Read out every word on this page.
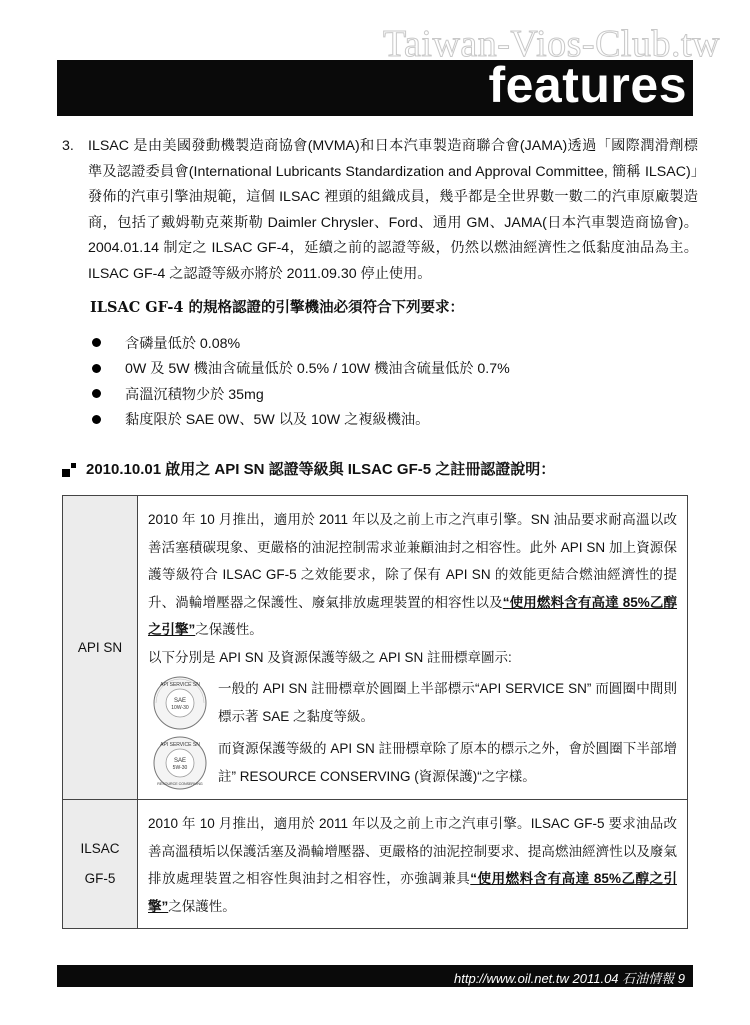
Taiwan-Vios-Club.tw
features
3. ILSAC 是由美國發動機製造商協會(MVMA)和日本汽車製造商聯合會(JAMA)透過「國際潤滑劑標準及認證委員會(International Lubricants Standardization and Approval Committee, 簡稱 ILSAC)」發佈的汽車引擎油規範，這個 ILSAC 裡頭的組織成員，幾乎都是全世界數一數二的汽車原廠製造商，包括了戴姆勒克萊斯勒 Daimler Chrysler、Ford、通用 GM、JAMA(日本汽車製造商協會)。2004.01.14 制定之 ILSAC GF-4，延續之前的認證等級，仍然以燃油經濟性之低黏度油品為主。ILSAC GF-4 之認證等級亦將於 2011.09.30 停止使用。
ILSAC GF-4 的規格認證的引擎機油必須符合下列要求：
含磷量低於 0.08%
0W 及 5W 機油含硫量低於 0.5% / 10W 機油含硫量低於 0.7%
高溫沉積物少於 35mg
黏度限於 SAE 0W、5W 以及 10W 之複級機油。
2010.10.01 啟用之 API SN 認證等級與 ILSAC GF-5 之註冊認證說明：
API SN
2010 年 10 月推出，適用於 2011 年以及之前上市之汽車引擎。SN 油品要求耐高溫以改善活塞積碳現象、更嚴格的油泥控制需求並兼顧油封之相容性。此外 API SN 加上資源保護等級符合 ILSAC GF-5 之效能要求，除了保有 API SN 的效能更結合燃油經濟性的提升、渦輪增壓器之保護性、廢氣排放處理裝置的相容性以及“使用燃料含有高達 85%乙醇之引擎”之保護性。
以下分別是 API SN 及資源保護等級之 API SN 註冊標章圖示:
API SERVICE SN
SAE
10W-30
一般的 API SN 註冊標章於圓圈上半部標示“API SERVICE SN” 而圓圈中間則標示著 SAE 之黏度等級。
API SERVICE SN
SAE
5W-30
RESOURCE CONSERVING
而資源保護等級的 API SN 註冊標章除了原本的標示之外，會於圓圈下半部增註” RESOURCE CONSERVING (資源保護)“之字樣。
ILSAC
GF-5
2010 年 10 月推出，適用於 2011 年以及之前上市之汽車引擎。ILSAC GF-5 要求油品改善高溫積垢以保護活塞及渦輪增壓器、更嚴格的油泥控制要求、提高燃油經濟性以及廢氣排放處理裝置之相容性與油封之相容性，亦強調兼具“使用燃料含有高達 85%乙醇之引擎”之保護性。
http://www.oil.net.tw 2011.04 石油情報 9
